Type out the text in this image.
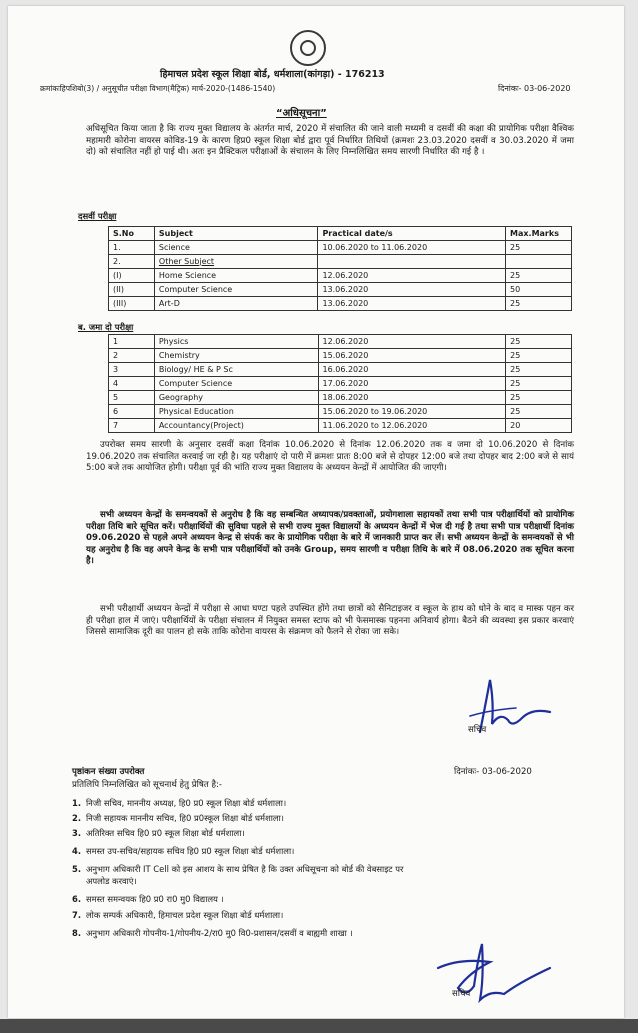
हिमाचल प्रदेश स्कूल शिक्षा बोर्ड, धर्मशाला(कांगड़ा) - 176213
क्रमांकःहिपशिबो(3) / अनुसूचीत परीक्षा विभाग(मैट्रिक) मार्च-2020-(1486-1540)	दिनांकः- 03-06-2020
“अधिसूचना”
अधिसूचित किया जाता है कि राज्य मुक्त विद्यालय के अंतर्गत मार्च, 2020 में संचालित की जाने वाली मध्यमी व दसवीं की कक्षा की प्रायोगिक परीक्षा वैश्विक महामारी कोरोना वायरस कोविड-19 के कारण हिप्र0 स्कूल शिक्षा बोर्ड द्वारा पूर्व निर्धारित तिथियों (क्रमशः 23.03.2020 दसवीं व 30.03.2020 में जमा दो) को संचालित नहीं हो पाई थी। अतः इन प्रैक्टिकल परीक्षाओं के संचालन के लिए निम्नलिखित समय सारणी निर्धारित की गई है ।
दसवीं परीक्षा
S.No	Subject	Practical date/s	Max.Marks
1.	Science	10.06.2020 to 11.06.2020	25
2.	Other Subject		
(I)	Home Science	12.06.2020	25
(II)	Computer Science	13.06.2020	50
(III)	Art-D	13.06.2020	25
ब. जमा दो परीक्षा
1	Physics	12.06.2020	25
2	Chemistry	15.06.2020	25
3	Biology/ HE & P Sc	16.06.2020	25
4	Computer Science	17.06.2020	25
5	Geography	18.06.2020	25
6	Physical Education	15.06.2020 to 19.06.2020	25
7	Accountancy(Project)	11.06.2020 to 12.06.2020	20
उपरोक्त समय सारणी के अनुसार दसवीं कक्षा दिनांक 10.06.2020 से दिनांक 12.06.2020 तक व जमा दो 10.06.2020 से दिनांक 19.06.2020 तक संचालित करवाई जा रही है। यह परीक्षाएं दो पारी में क्रमशः प्रातः 8:00 बजे से दोपहर 12:00 बजे तथा दोपहर बाद 2:00 बजे से सायं 5:00 बजे तक आयोजित होगी। परीक्षा पूर्व की भांति राज्य मुक्त विद्यालय के अध्ययन केन्द्रों में आयोजित की जाएगी।
सभी अध्ययन केन्द्रों के समन्वयकों से अनुरोध है कि वह सम्बन्धित अध्यापक/प्रवक्ताओं, प्रयोगशाला सहायकों तथा सभी पात्र परीक्षार्थियों को प्रायोगिक परीक्षा तिथि बारे सूचित करें। परीक्षार्थियों की सुविधा पहले से सभी राज्य मुक्त विद्यालयों के अध्ययन केन्द्रों में भेज दी गई है तथा सभी पात्र परीक्षार्थी दिनांक 09.06.2020 से पहले अपने अध्ययन केन्द्र से संपर्क कर के प्रायोगिक परीक्षा के बारे में जानकारी प्राप्त कर लें। सभी अध्ययन केन्द्रों के समन्वयकों से भी यह अनुरोध है कि वह अपने केन्द्र के सभी पात्र परीक्षार्थियों को उनके Group, समय सारणी व परीक्षा तिथि के बारे में 08.06.2020 तक सूचित करना है।
सभी परीक्षार्थी अध्ययन केन्द्रों में परीक्षा से आधा घण्टा पहले उपस्थित होंगे तथा छात्रों को सैनिटाइजर व स्कूल के हाथ को धोने के बाद व मास्क पहन कर ही परीक्षा हाल में जाएं। परीक्षार्थियों के परीक्षा संचालन में नियुक्त समस्त स्टाफ को भी फेसमास्क पहनना अनिवार्य होगा। बैठने की व्यवस्था इस प्रकार करवाएं जिससे सामाजिक दूरी का पालन हो सके ताकि कोरोना वायरस के संक्रमण को फैलने से रोका जा सके।
सचिव
पृष्ठांकन संख्या उपरोक्त	दिनांकः- 03-06-2020
प्रतिलिपि निम्नलिखित को सूचनार्थ हेतु प्रेषित है:-
1. निजी सचिव, माननीय अध्यक्ष, हि0 प्र0 स्कूल शिक्षा बोर्ड धर्मशाला।
2. निजी सहायक माननीय सचिव, हि0 प्र0स्कूल शिक्षा बोर्ड धर्मशाला।
3. अतिरिक्त सचिव हि0 प्र0 स्कूल शिक्षा बोर्ड धर्मशाला।
4. समस्त उप-सचिव/सहायक सचिव हि0 प्र0 स्कूल शिक्षा बोर्ड धर्मशाला।
5. अनुभाग अधिकारी IT Cell को इस आशय के साथ प्रेषित है कि उक्त अधिसूचना को बोर्ड की वेबसाइट पर
अपलोड करवाएं।
6. समस्त समन्वयक हि0 प्र0 रा0 मु0 विद्यालय ।
7. लोक सम्पर्क अधिकारी, हिमाचल प्रदेश स्कूल शिक्षा बोर्ड धर्मशाला।
8. अनुभाग अधिकारी गोपनीय-1/गोपनीय-2/रा0 मु0 वि0-प्रशासन/दसवीं व बाह्यमी शाखा ।
सचिव
